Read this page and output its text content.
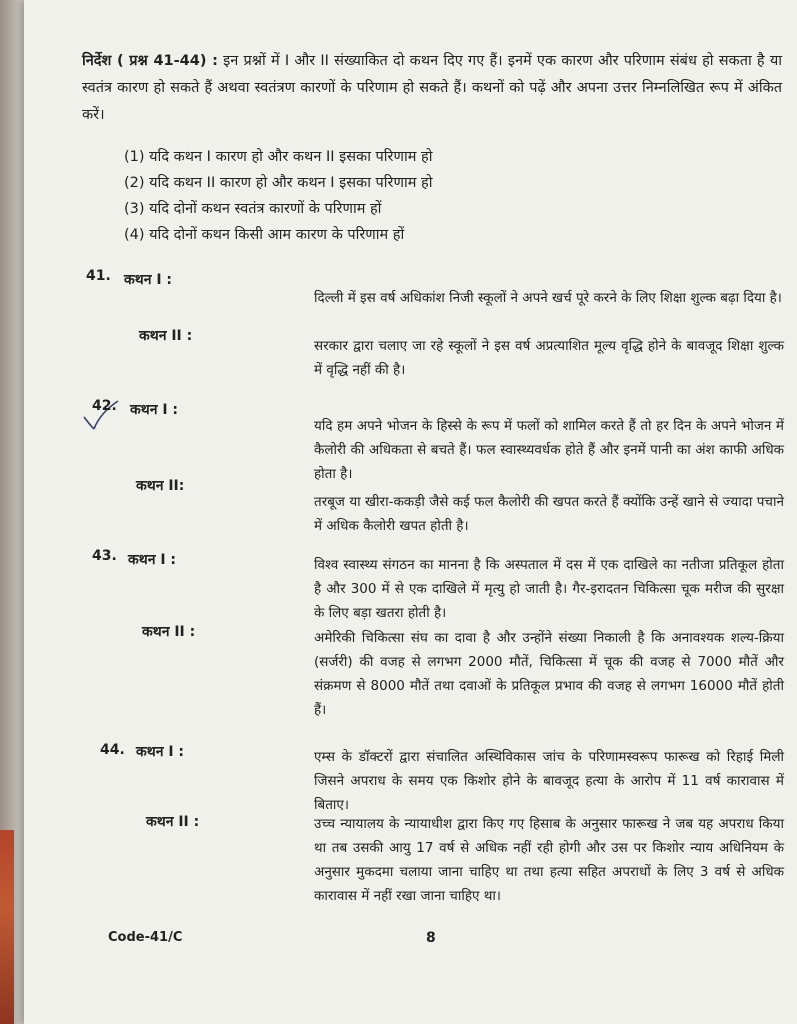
निर्देश ( प्रश्न 41-44) : इन प्रश्नों में I और II संख्याकित दो कथन दिए गए हैं। इनमें एक कारण और परिणाम संबंध हो सकता है या स्वतंत्र कारण हो सकते हैं अथवा स्वतंत्रण कारणों के परिणाम हो सकते हैं। कथनों को पढ़ें और अपना उत्तर निम्नलिखित रूप में अंकित करें।
(1) यदि कथन I कारण हो और कथन II इसका परिणाम हो
(2) यदि कथन II कारण हो और कथन I इसका परिणाम हो
(3) यदि दोनों कथन स्वतंत्र कारणों के परिणाम हों
(4) यदि दोनों कथन किसी आम कारण के परिणाम हों
41. कथन I :
दिल्ली में इस वर्ष अधिकांश निजी स्कूलों ने अपने खर्च पूरे करने के लिए शिक्षा शुल्क बढ़ा दिया है।
कथन II :
सरकार द्वारा चलाए जा रहे स्कूलों ने इस वर्ष अप्रत्याशित मूल्य वृद्धि होने के बावजूद शिक्षा शुल्क में वृद्धि नहीं की है।
42. कथन I :
यदि हम अपने भोजन के हिस्से के रूप में फलों को शामिल करते हैं तो हर दिन के अपने भोजन में कैलोरी की अधिकता से बचते हैं। फल स्वास्थ्यवर्धक होते हैं और इनमें पानी का अंश काफी अधिक होता है।
कथन II:
तरबूज या खीरा-ककड़ी जैसे कई फल कैलोरी की खपत करते हैं क्योंकि उन्हें खाने से ज्यादा पचाने में अधिक कैलोरी खपत होती है।
43. कथन I :	विश्व स्वास्थ्य संगठन का मानना है कि अस्पताल में दस में एक दाखिले का नतीजा प्रतिकूल होता है और 300 में से एक दाखिले में मृत्यु हो जाती है। गैर-इरादतन चिकित्सा चूक मरीज की सुरक्षा के लिए बड़ा खतरा होती है।
कथन II :	अमेरिकी चिकित्सा संघ का दावा है और उन्होंने संख्या निकाली है कि अनावश्यक शल्य-क्रिया (सर्जरी) की वजह से लगभग 2000 मौतें, चिकित्सा में चूक की वजह से 7000 मौतें और संक्रमण से 8000 मौतें तथा दवाओं के प्रतिकूल प्रभाव की वजह से लगभग 16000 मौतें होती हैं।
44. कथन I :	एम्स के डॉक्टरों द्वारा संचालित अस्थिविकास जांच के परिणामस्वरूप फारूख को रिहाई मिली जिसने अपराध के समय एक किशोर होने के बावजूद हत्या के आरोप में 11 वर्ष कारावास में बिताए।
कथन II :	उच्च न्यायालय के न्यायाधीश द्वारा किए गए हिसाब के अनुसार फारूख ने जब यह अपराध किया था तब उसकी आयु 17 वर्ष से अधिक नहीं रही होगी और उस पर किशोर न्याय अधिनियम के अनुसार मुकदमा चलाया जाना चाहिए था तथा हत्या सहित अपराधों के लिए 3 वर्ष से अधिक कारावास में नहीं रखा जाना चाहिए था।
Code-41/C	8
